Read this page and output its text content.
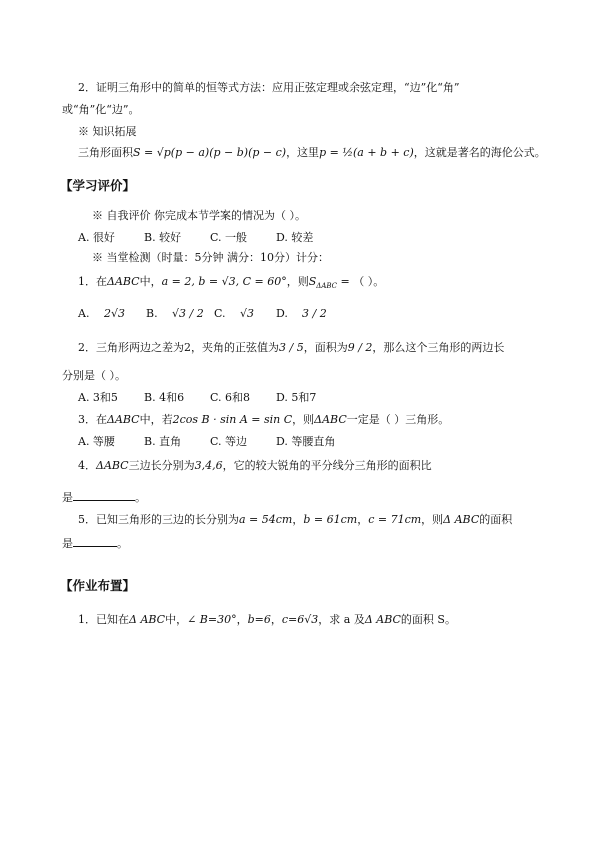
2．证明三角形中的简单的恒等式方法：应用正弦定理或余弦定理，“边”化“角”
或“角”化“边”。
※ 知识拓展
三角形面积S = √p(p − a)(p − b)(p − c)，这里p = ½(a + b + c)，这就是著名的海伦公式。
【学习评价】
※ 自我评价 你完成本节学案的情况为（ ）。
A. 很好	B. 较好	C. 一般	D. 较差
※ 当堂检测（时量：5分钟 满分：10分）计分：
1．在ΔABC中，a = 2, b = √3, C = 60°，则$S_{\Delta ABC}$ = （ ）。
A. 2√3 B. √3 / 2 C. √3 D. 3 / 2
2．三角形两边之差为2，夹角的正弦值为3 / 5，面积为9 / 2，那么这个三角形的两边长
分别是（ ）。
A. 3和5 B. 4和6 C. 6和8 D. 5和7
3．在ΔABC中，若2cos B · sin A = sin C，则ΔABC一定是（ ）三角形。
A. 等腰	B. 直角	C. 等边	D. 等腰直角
4．ΔABC三边长分别为3,4,6，它的较大锐角的平分线分三角形的面积比
是	。
5．已知三角形的三边的长分别为a = 54cm，b = 61cm，c = 71cm，则Δ ABC的面积
是	。
【作业布置】
1．已知在Δ ABC中，∠ B=30°，b=6，c=6√3，求 a 及Δ ABC的面积 S。
